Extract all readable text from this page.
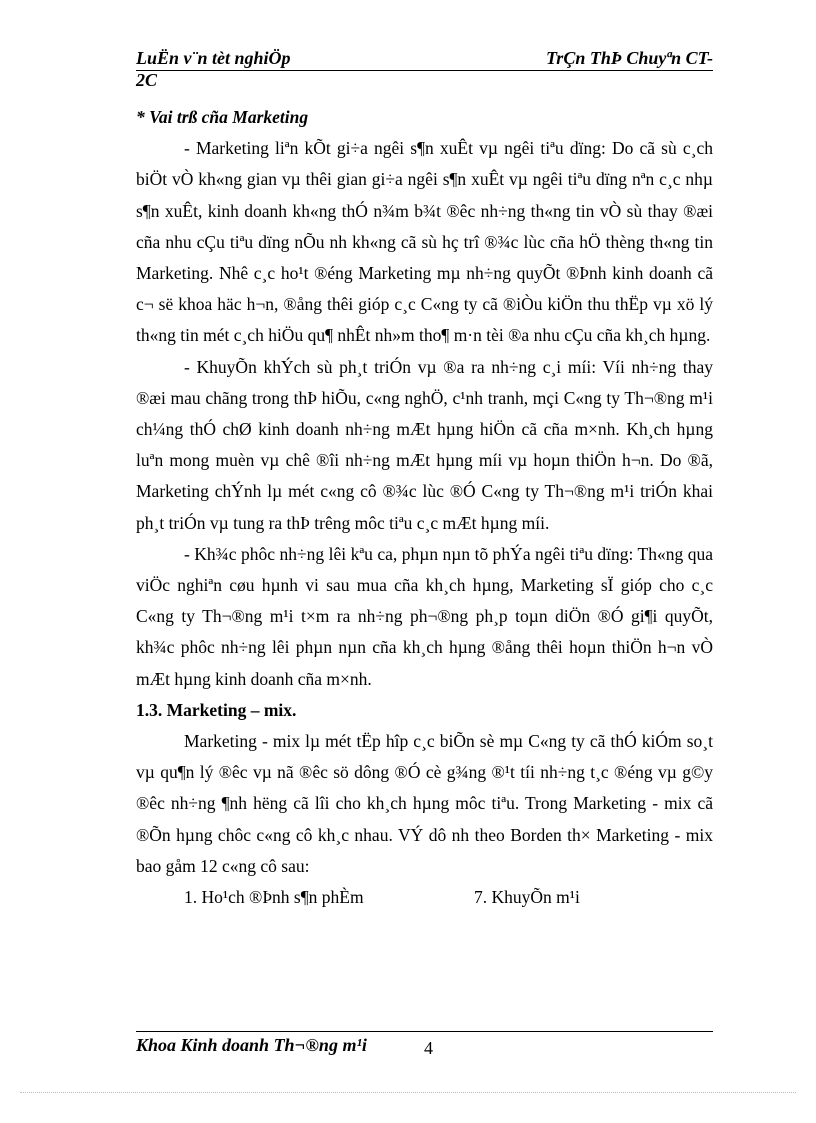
LuËn v¨n tèt nghiÖp	TrÇn ThÞ Chuyªn CT-
2C

* Vai trß cña Marketing

- Marketing liªn kÕt gi÷a ngêi s¶n xuÊt vµ ngêi tiªu dïng: Do cã sù c¸ch biÖt vÒ kh«ng gian vµ thêi gian gi÷a ngêi s¶n xuÊt vµ ngêi tiªu dïng nªn c¸c nhµ s¶n xuÊt, kinh doanh kh«ng thÓ n¾m b¾t ®êc nh÷ng th«ng tin vÒ sù thay ®æi cña nhu cÇu tiªu dïng nÕu nh kh«ng cã sù hç trî ®¾c lùc cña hÖ thèng th«ng tin Marketing. Nhê c¸c ho¹t ®éng Marketing mµ nh÷ng quyÕt ®Þnh kinh doanh cã c¬ së khoa häc h¬n, ®ång thêi gióp c¸c C«ng ty cã ®iÒu kiÖn thu thËp vµ xö lý th«ng tin mét c¸ch hiÖu qu¶ nhÊt nh»m tho¶ m·n tèi ®a nhu cÇu cña kh¸ch hµng.

- KhuyÕn khÝch sù ph¸t triÓn vµ ®a ra nh÷ng c¸i míi: Víi nh÷ng thay ®æi mau chãng trong thÞ hiÕu, c«ng nghÖ, c¹nh tranh, mçi C«ng ty Th¬®ng m¹i ch¼ng thÓ chØ kinh doanh nh÷ng mÆt hµng hiÖn cã cña m×nh. Kh¸ch hµng luªn mong muèn vµ chê ®îi nh÷ng mÆt hµng míi vµ hoµn thiÖn h¬n. Do ®ã, Marketing chÝnh lµ mét c«ng cô ®¾c lùc ®Ó C«ng ty Th¬®ng m¹i triÓn khai ph¸t triÓn vµ tung ra thÞ trêng môc tiªu c¸c mÆt hµng míi.

- Kh¾c phôc nh÷ng lêi kªu ca, phµn nµn tõ phÝa ngêi tiªu dïng: Th«ng qua viÖc nghiªn cøu hµnh vi sau mua cña kh¸ch hµng, Marketing sÏ gióp cho c¸c C«ng ty Th¬®ng m¹i t×m ra nh÷ng ph¬®ng ph¸p toµn diÖn ®Ó gi¶i quyÕt, kh¾c phôc nh÷ng lêi phµn nµn cña kh¸ch hµng ®ång thêi hoµn thiÖn h¬n vÒ mÆt hµng kinh doanh cña m×nh.

1.3. Marketing – mix.

Marketing - mix lµ mét tËp hîp c¸c biÕn sè mµ C«ng ty cã thÓ kiÓm so¸t vµ qu¶n lý ®êc vµ nã ®êc sö dông ®Ó cè g¾ng ®¹t tíi nh÷ng t¸c ®éng vµ g©y ®êc nh÷ng ¶nh hëng cã lîi cho kh¸ch hµng môc tiªu. Trong Marketing - mix cã ®Õn hµng chôc c«ng cô kh¸c nhau. VÝ dô nh theo Borden th× Marketing - mix bao gåm 12 c«ng cô sau:

1. Ho¹ch ®Þnh s¶n phÈm	7. KhuyÕn m¹i
Khoa Kinh doanh Th¬®ng m¹i	4
